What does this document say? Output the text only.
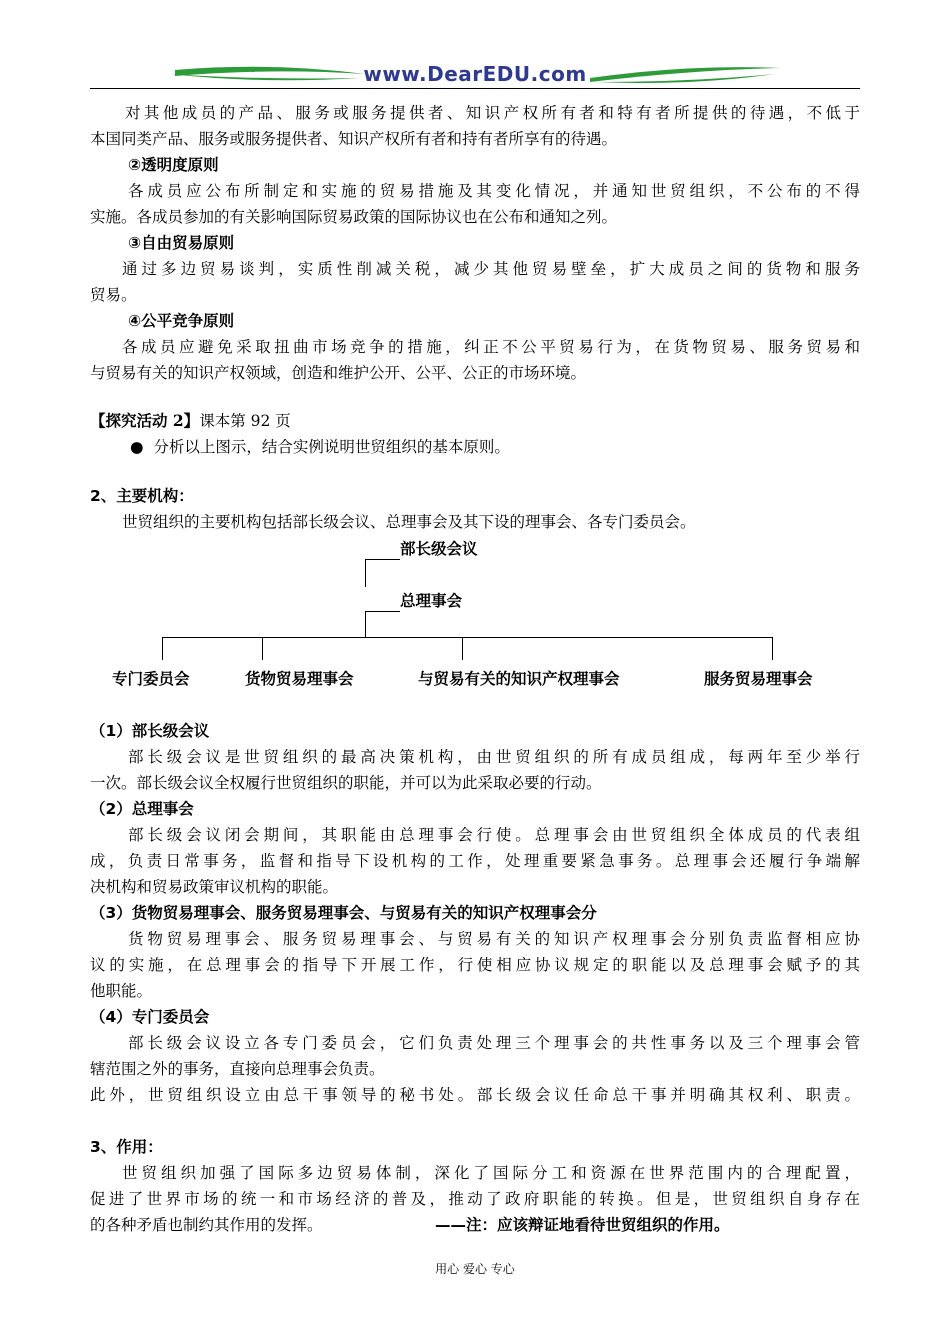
www.DearEDU.com
对其他成员的产品、服务或服务提供者、知识产权所有者和特有者所提供的待遇，不低于
本国同类产品、服务或服务提供者、知识产权所有者和持有者所享有的待遇。
②透明度原则
各成员应公布所制定和实施的贸易措施及其变化情况，并通知世贸组织，不公布的不得
实施。各成员参加的有关影响国际贸易政策的国际协议也在公布和通知之列。
③自由贸易原则
通过多边贸易谈判，实质性削减关税，减少其他贸易壁垒，扩大成员之间的货物和服务
贸易。
④公平竞争原则
各成员应避免采取扭曲市场竞争的措施，纠正不公平贸易行为，在货物贸易、服务贸易和
与贸易有关的知识产权领域，创造和维护公开、公平、公正的市场环境。
【探究活动 2】课本第 92 页
● 分析以上图示，结合实例说明世贸组织的基本原则。
2、主要机构：
世贸组织的主要机构包括部长级会议、总理事会及其下设的理事会、各专门委员会。
部长级会议
总理事会
专门委员会	货物贸易理事会	与贸易有关的知识产权理事会	服务贸易理事会
（1）部长级会议
部长级会议是世贸组织的最高决策机构，由世贸组织的所有成员组成，每两年至少举行
一次。部长级会议全权履行世贸组织的职能，并可以为此采取必要的行动。
（2）总理事会
部长级会议闭会期间，其职能由总理事会行使。总理事会由世贸组织全体成员的代表组
成，负责日常事务，监督和指导下设机构的工作，处理重要紧急事务。总理事会还履行争端解
决机构和贸易政策审议机构的职能。
（3）货物贸易理事会、服务贸易理事会、与贸易有关的知识产权理事会分
货物贸易理事会、服务贸易理事会、与贸易有关的知识产权理事会分别负责监督相应协
议的实施，在总理事会的指导下开展工作，行使相应协议规定的职能以及总理事会赋予的其
他职能。
（4）专门委员会
部长级会议设立各专门委员会，它们负责处理三个理事会的共性事务以及三个理事会管
辖范围之外的事务，直接向总理事会负责。
此外，世贸组织设立由总干事领导的秘书处。部长级会议任命总干事并明确其权利、职责。
3、作用：
世贸组织加强了国际多边贸易体制，深化了国际分工和资源在世界范围内的合理配置，
促进了世界市场的统一和市场经济的普及，推动了政府职能的转换。但是，世贸组织自身存在
的各种矛盾也制约其作用的发挥。	——注：应该辩证地看待世贸组织的作用。
用心 爱心 专心
